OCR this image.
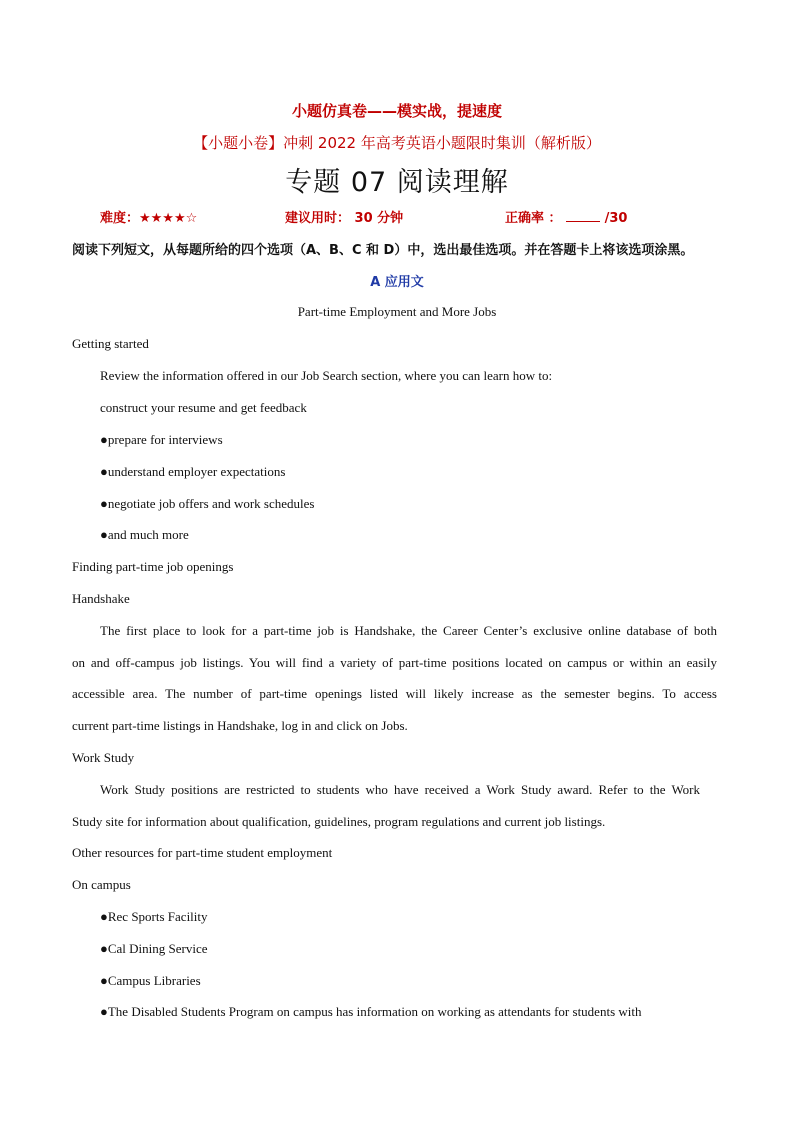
小题仿真卷——模实战，提速度
【小题小卷】冲刺 2022 年高考英语小题限时集训（解析版）
专题 07 阅读理解
难度：★★★★☆	建议用时： 30 分钟	正确率 ：	/30
阅读下列短文，从每题所给的四个选项（A、B、C 和 D）中，选出最佳选项。并在答题卡上将该选项涂黑。
A 应用文
Part-time Employment and More Jobs
Getting started
Review the information offered in our Job Search section, where you can learn how to:
construct your resume and get feedback
●prepare for interviews
●understand employer expectations
●negotiate job offers and work schedules
●and much more
Finding part-time job openings
Handshake
The first place to look for a part-time job is Handshake, the Career Center’s exclusive online database of both
on and off-campus job listings. You will find a variety of part-time positions located on campus or within an easily
accessible area. The number of part-time openings listed will likely increase as the semester begins. To access
current part-time listings in Handshake, log in and click on Jobs.
Work Study
Work Study positions are restricted to students who have received a Work Study award. Refer to the Work
Study site for information about qualification, guidelines, program regulations and current job listings.
Other resources for part-time student employment
On campus
●Rec Sports Facility
●Cal Dining Service
●Campus Libraries
●The Disabled Students Program on campus has information on working as attendants for students with
